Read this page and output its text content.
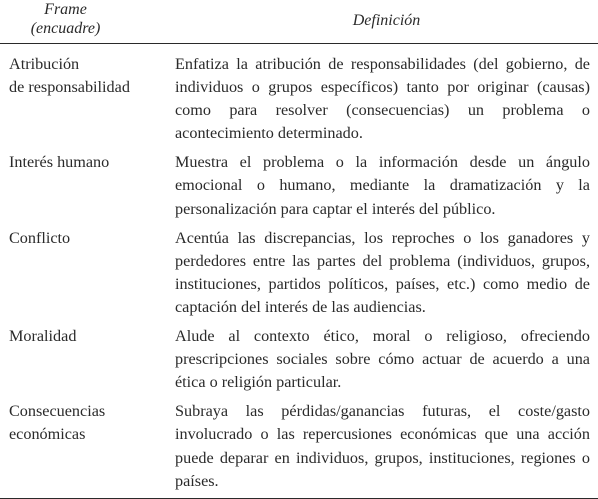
Frame
(encuadre)	Definición

Atribución
de responsabilidad	Enfatiza la atribución de responsabilidades (del gobierno, de individuos o grupos específicos) tanto por originar (causas) como para resolver (consecuencias) un problema o acontecimiento determinado.

Interés humano	Muestra el problema o la información desde un ángulo emocional o humano, mediante la dramatización y la personalización para captar el interés del público.

Conflicto	Acentúa las discrepancias, los reproches o los ganadores y perdedores entre las partes del problema (individuos, grupos, instituciones, partidos políticos, países, etc.) como medio de captación del interés de las audiencias.

Moralidad	Alude al contexto ético, moral o religioso, ofreciendo prescripciones sociales sobre cómo actuar de acuerdo a una ética o religión particular.

Consecuencias
económicas	Subraya las pérdidas/ganancias futuras, el coste/gasto involucrado o las repercusiones económicas que una acción puede deparar en individuos, grupos, instituciones, regiones o países.
